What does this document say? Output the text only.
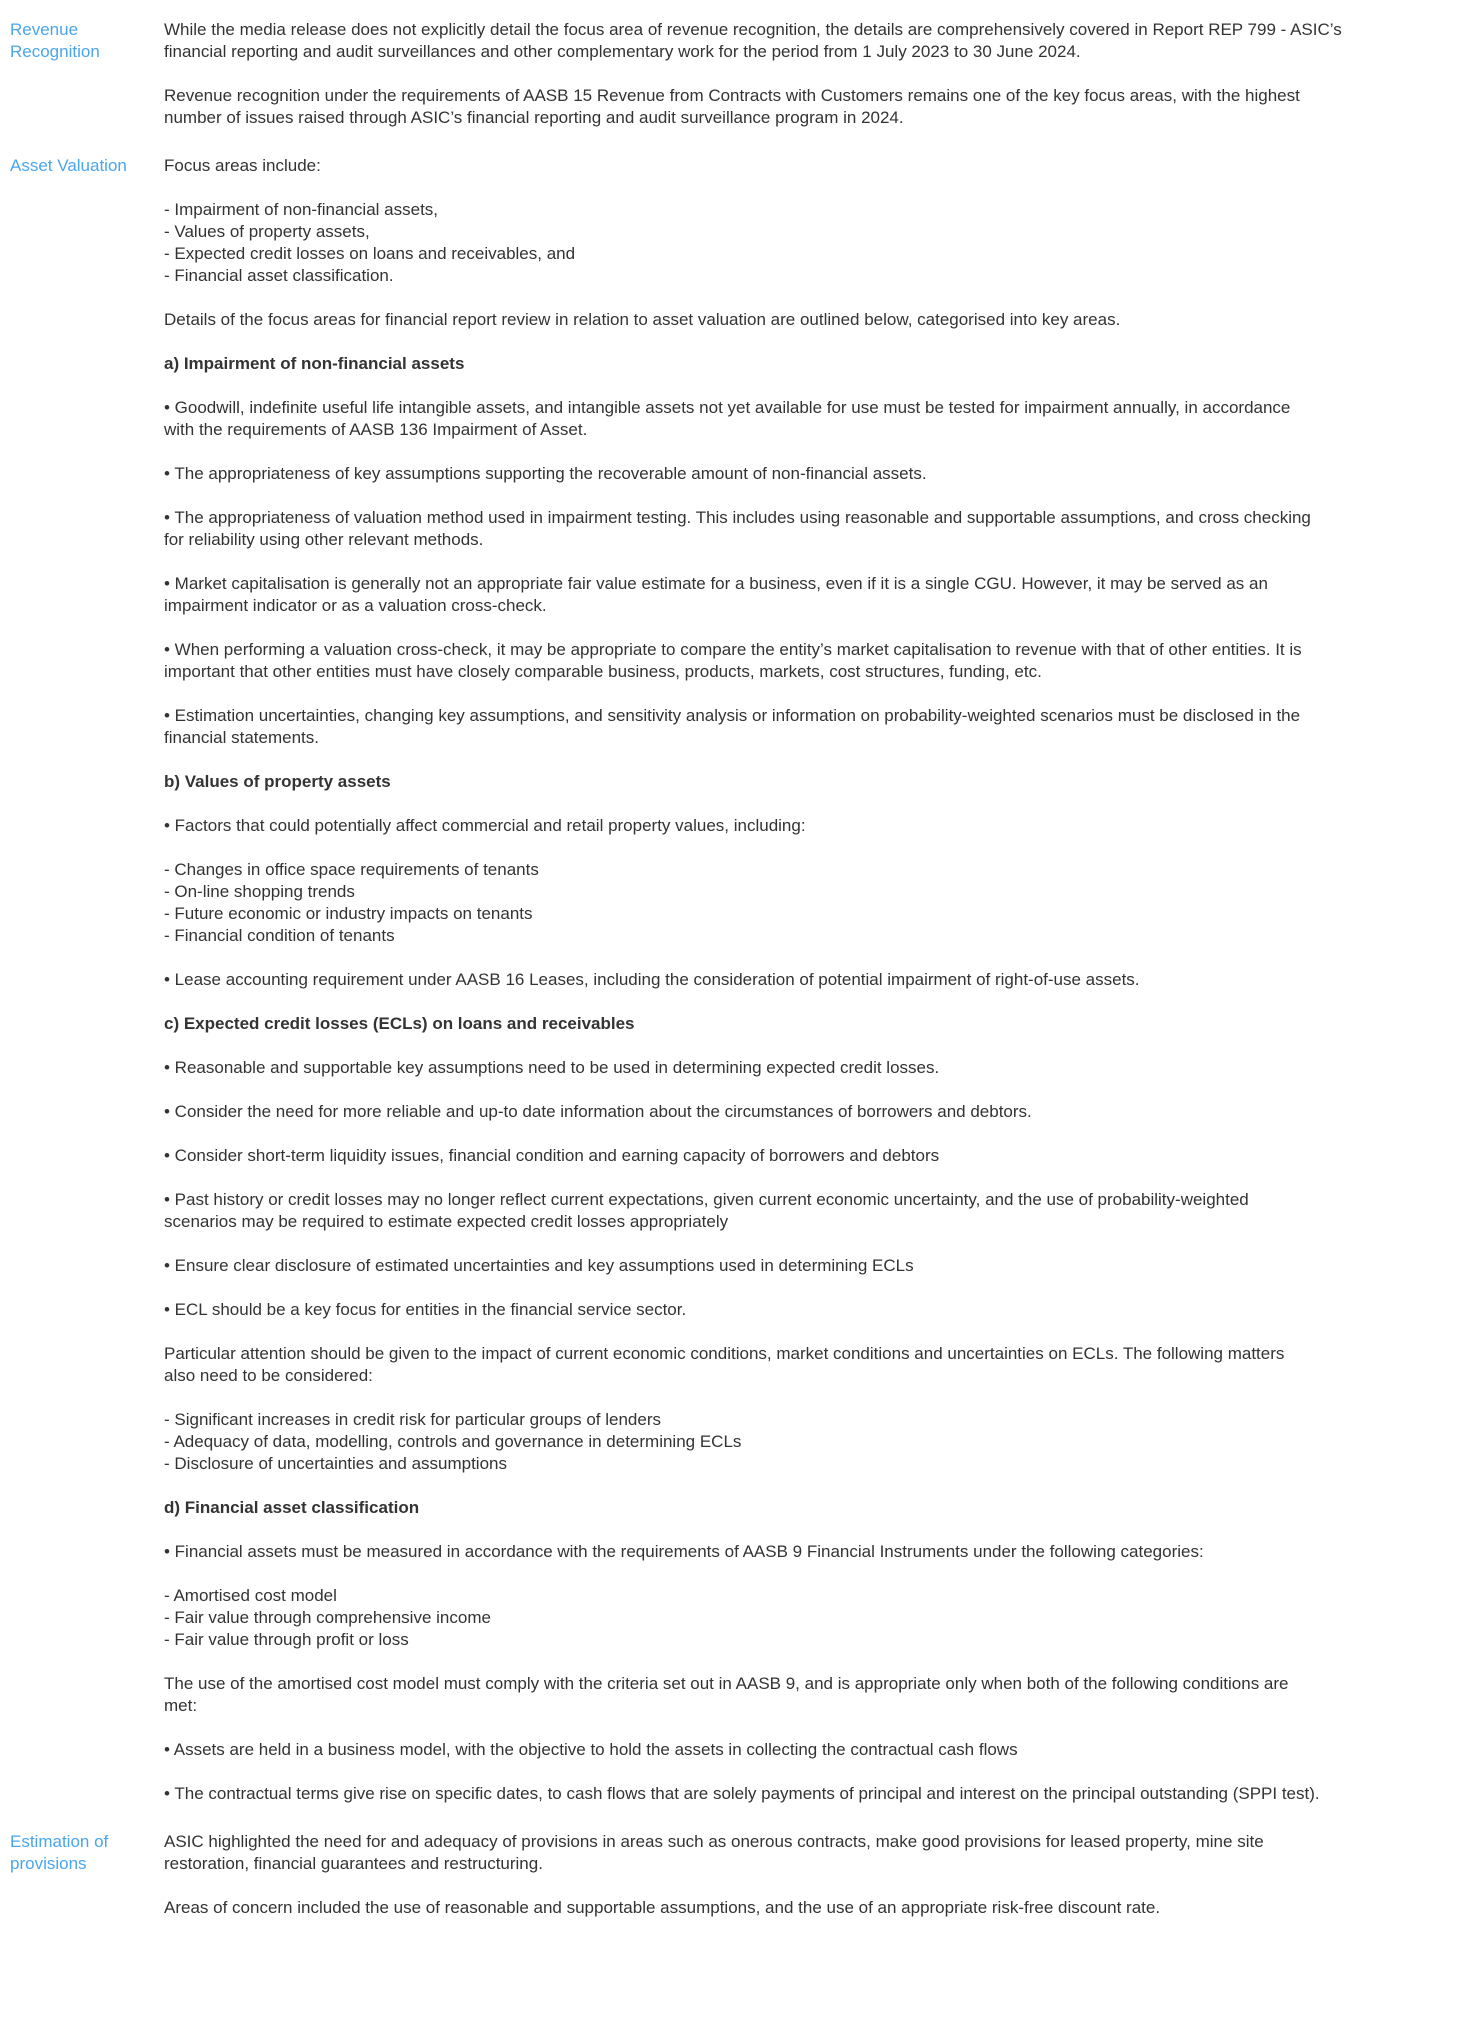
Revenue
Recognition
While the media release does not explicitly detail the focus area of revenue recognition, the details are comprehensively covered in Report REP 799 - ASIC’s
financial reporting and audit surveillances and other complementary work for the period from 1 July 2023 to 30 June 2024.
Revenue recognition under the requirements of AASB 15 Revenue from Contracts with Customers remains one of the key focus areas, with the highest
number of issues raised through ASIC’s financial reporting and audit surveillance program in 2024.
Asset Valuation	Focus areas include:
- Impairment of non-financial assets,
- Values of property assets,
- Expected credit losses on loans and receivables, and
- Financial asset classification.
Details of the focus areas for financial report review in relation to asset valuation are outlined below, categorised into key areas.
a) Impairment of non-financial assets
• Goodwill, indefinite useful life intangible assets, and intangible assets not yet available for use must be tested for impairment annually, in accordance
with the requirements of AASB 136 Impairment of Asset.
• The appropriateness of key assumptions supporting the recoverable amount of non-financial assets.
• The appropriateness of valuation method used in impairment testing. This includes using reasonable and supportable assumptions, and cross checking
for reliability using other relevant methods.
• Market capitalisation is generally not an appropriate fair value estimate for a business, even if it is a single CGU. However, it may be served as an
impairment indicator or as a valuation cross-check.
• When performing a valuation cross-check, it may be appropriate to compare the entity’s market capitalisation to revenue with that of other entities. It is
important that other entities must have closely comparable business, products, markets, cost structures, funding, etc.
• Estimation uncertainties, changing key assumptions, and sensitivity analysis or information on probability-weighted scenarios must be disclosed in the
financial statements.
b) Values of property assets
• Factors that could potentially affect commercial and retail property values, including:
- Changes in office space requirements of tenants
- On-line shopping trends
- Future economic or industry impacts on tenants
- Financial condition of tenants
• Lease accounting requirement under AASB 16 Leases, including the consideration of potential impairment of right-of-use assets.
c) Expected credit losses (ECLs) on loans and receivables
• Reasonable and supportable key assumptions need to be used in determining expected credit losses.
• Consider the need for more reliable and up-to date information about the circumstances of borrowers and debtors.
• Consider short-term liquidity issues, financial condition and earning capacity of borrowers and debtors
• Past history or credit losses may no longer reflect current expectations, given current economic uncertainty, and the use of probability-weighted
scenarios may be required to estimate expected credit losses appropriately
• Ensure clear disclosure of estimated uncertainties and key assumptions used in determining ECLs
• ECL should be a key focus for entities in the financial service sector.
Particular attention should be given to the impact of current economic conditions, market conditions and uncertainties on ECLs. The following matters
also need to be considered:
- Significant increases in credit risk for particular groups of lenders
- Adequacy of data, modelling, controls and governance in determining ECLs
- Disclosure of uncertainties and assumptions
d) Financial asset classification
• Financial assets must be measured in accordance with the requirements of AASB 9 Financial Instruments under the following categories:
- Amortised cost model
- Fair value through comprehensive income
- Fair value through profit or loss
The use of the amortised cost model must comply with the criteria set out in AASB 9, and is appropriate only when both of the following conditions are
met:
• Assets are held in a business model, with the objective to hold the assets in collecting the contractual cash flows
• The contractual terms give rise on specific dates, to cash flows that are solely payments of principal and interest on the principal outstanding (SPPI test).
Estimation of
provisions
ASIC highlighted the need for and adequacy of provisions in areas such as onerous contracts, make good provisions for leased property, mine site
restoration, financial guarantees and restructuring.
Areas of concern included the use of reasonable and supportable assumptions, and the use of an appropriate risk-free discount rate.
